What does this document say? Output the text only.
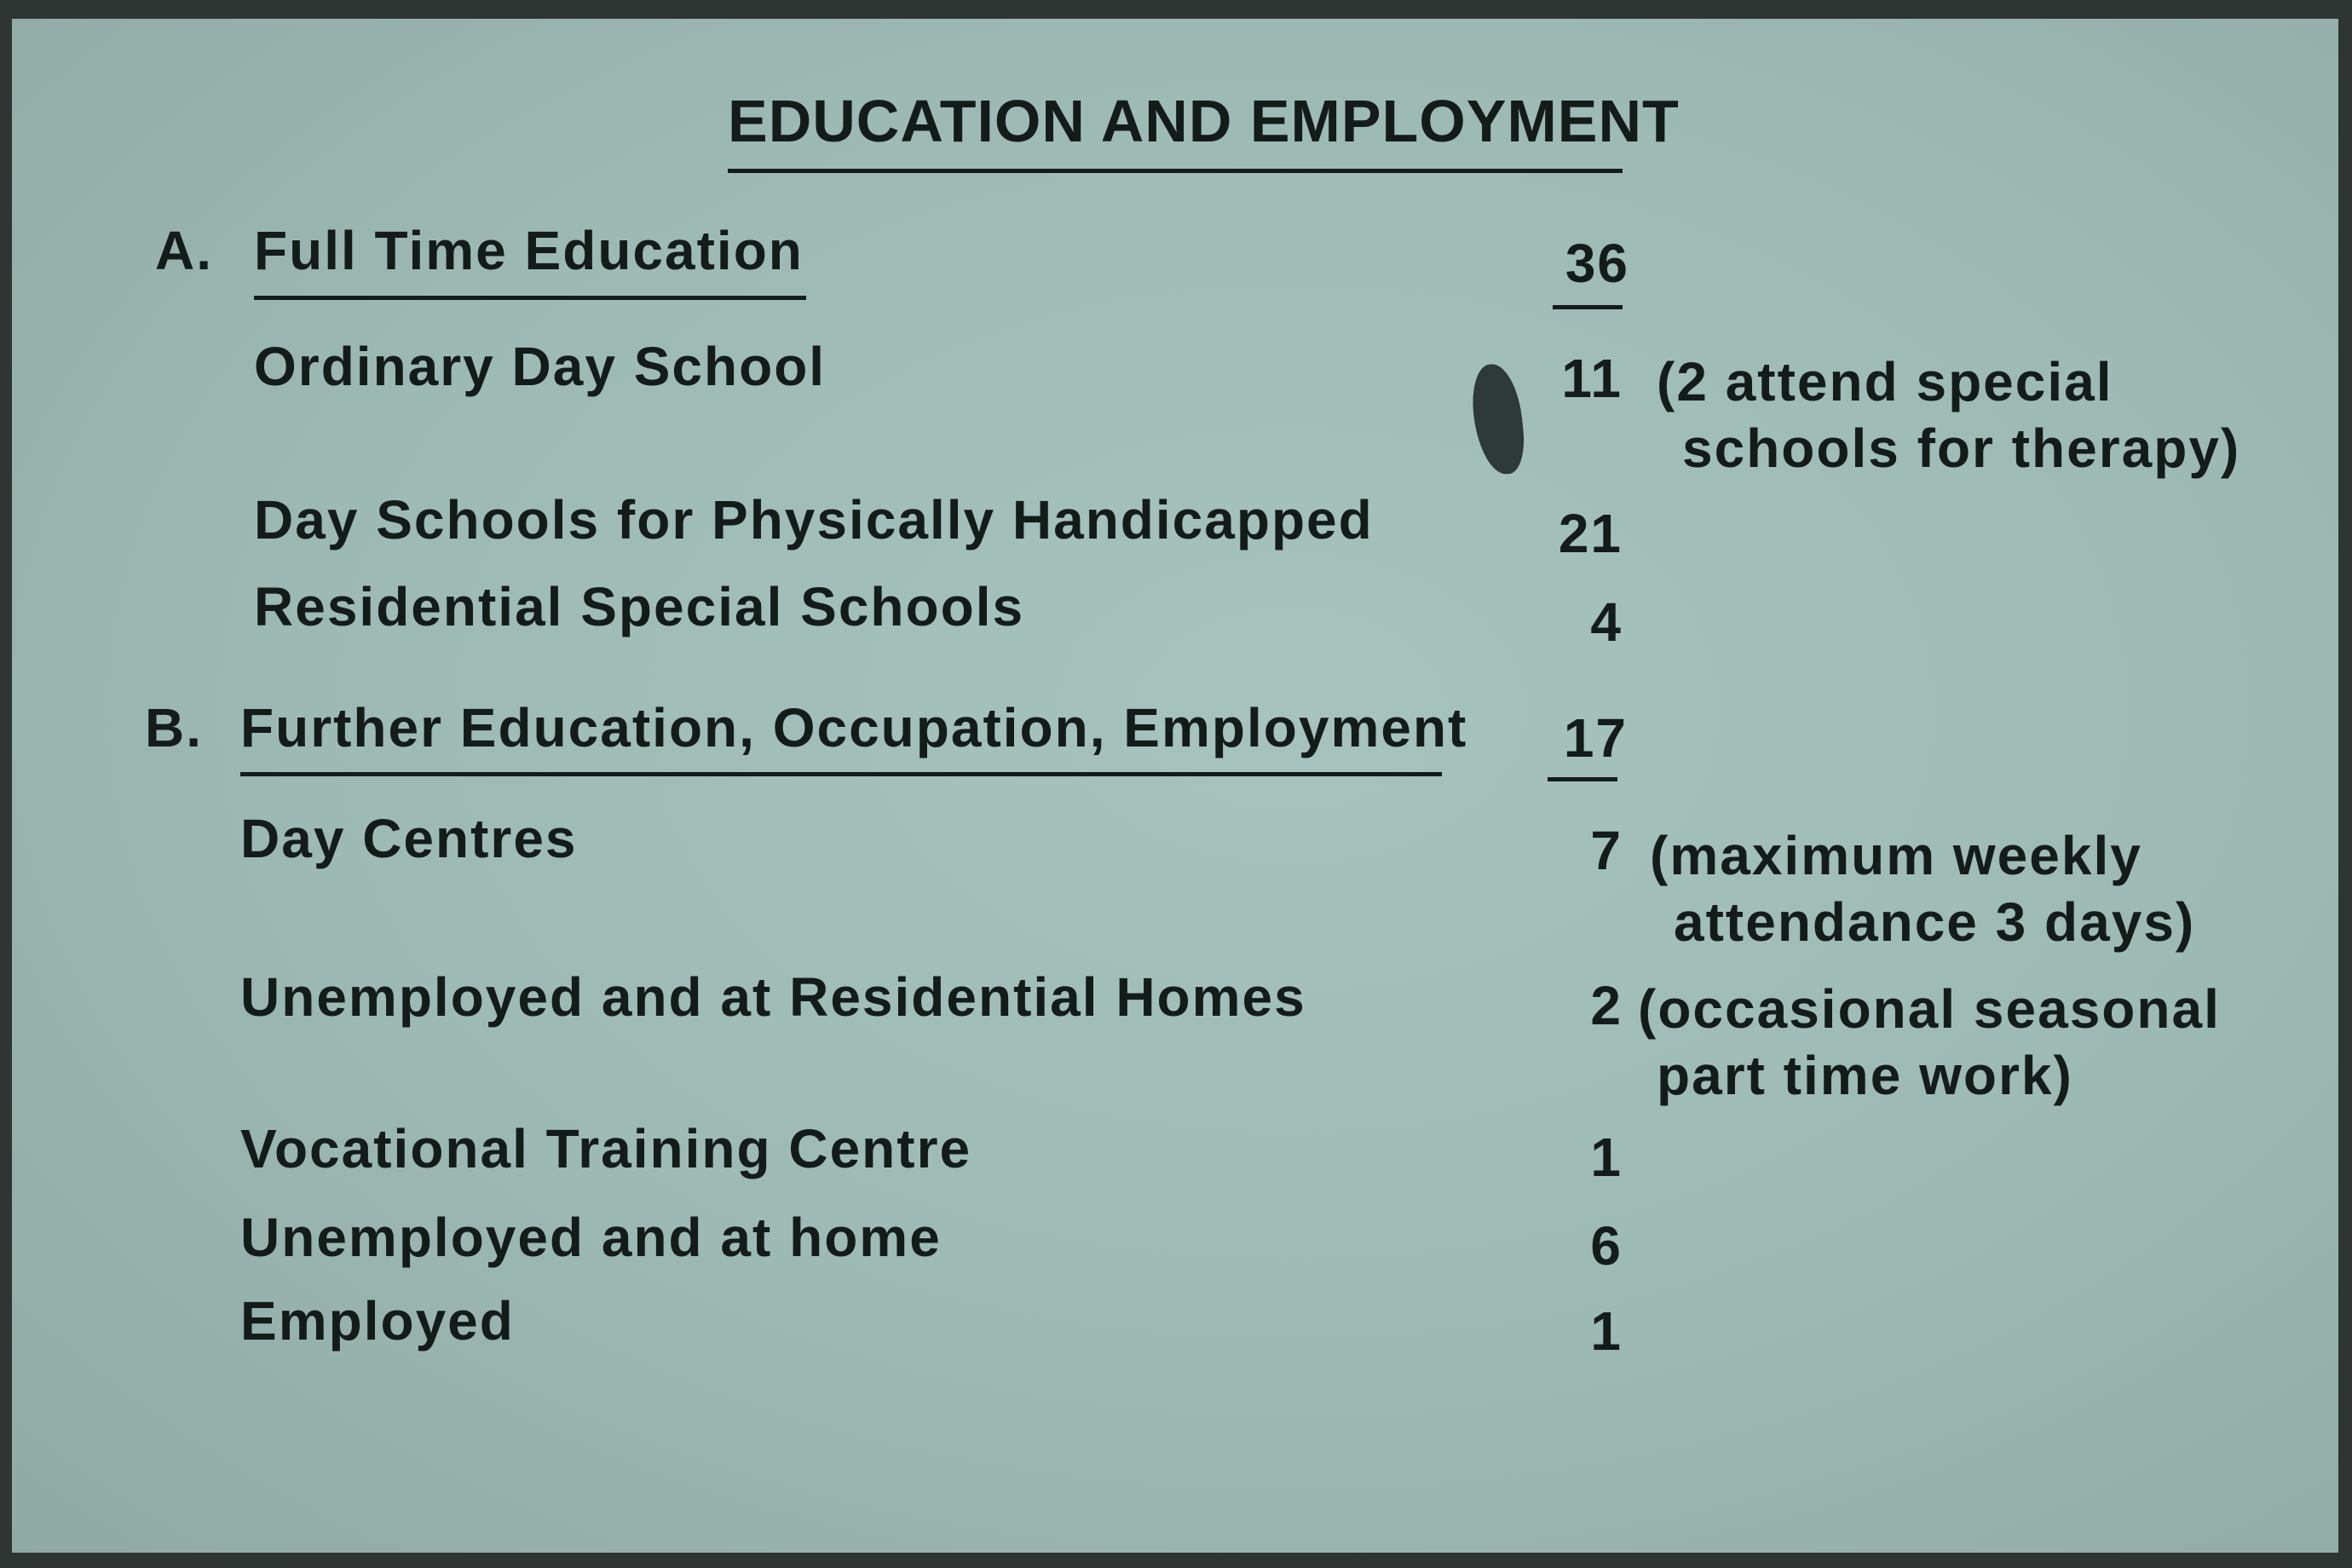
EDUCATION AND EMPLOYMENT
A. Full Time Education	36
Ordinary Day School	11 (2 attend special
schools for therapy)
Day Schools for Physically Handicapped	21
Residential Special Schools	4
B. Further Education, Occupation, Employment	17
Day Centres	7 (maximum weekly
attendance 3 days)
Unemployed and at Residential Homes	2 (occasional seasonal
part time work)
Vocational Training Centre	1
Unemployed and at home	6
Employed	1
